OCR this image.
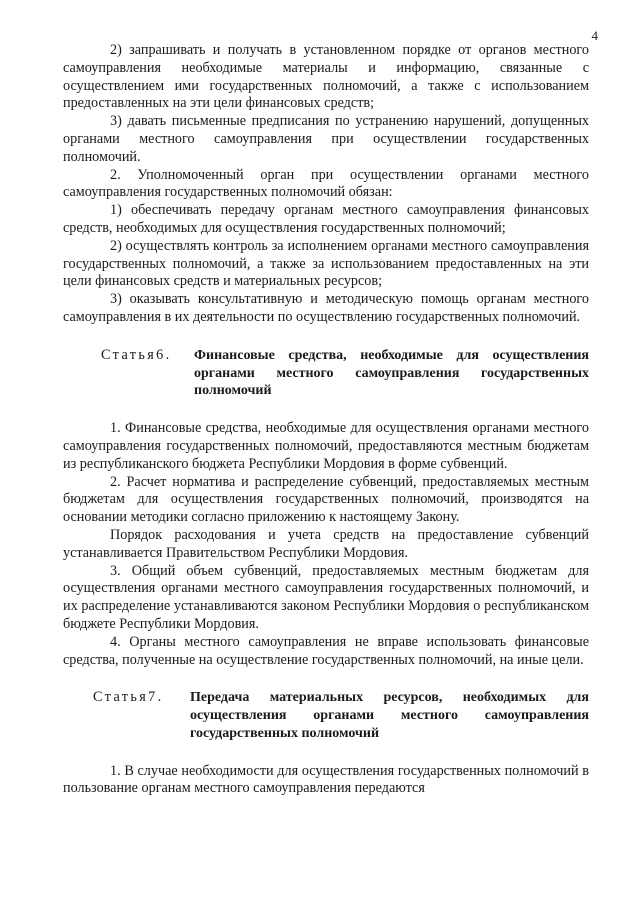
4

2) запрашивать и получать в установленном порядке от органов местного самоуправления необходимые материалы и информацию, связанные с осуществлением ими государственных полномочий, а также с использованием предоставленных на эти цели финансовых средств;

3) давать письменные предписания по устранению нарушений, допущенных органами местного самоуправления при осуществлении государственных полномочий.

2. Уполномоченный орган при осуществлении органами местного самоуправления государственных полномочий обязан:

1) обеспечивать передачу органам местного самоуправления финансовых средств, необходимых для осуществления государственных полномочий;

2) осуществлять контроль за исполнением органами местного самоуправления государственных полномочий, а также за использованием предоставленных на эти цели финансовых средств и материальных ресурсов;

3) оказывать консультативную и методическую помощь органам местного самоуправления в их деятельности по осуществлению государственных полномочий.

Статья6.	Финансовые средства, необходимые для осуществления органами местного самоуправления государственных полномочий

1. Финансовые средства, необходимые для осуществления органами местного самоуправления государственных полномочий, предоставляются местным бюджетам из республиканского бюджета Республики Мордовия в форме субвенций.

2. Расчет норматива и распределение субвенций, предоставляемых местным бюджетам для осуществления государственных полномочий, производятся на основании методики согласно приложению к настоящему Закону.

Порядок расходования и учета средств на предоставление субвенций устанавливается Правительством Республики Мордовия.

3. Общий объем субвенций, предоставляемых местным бюджетам для осуществления органами местного самоуправления государственных полномочий, и их распределение устанавливаются законом Республики Мордовия о республиканском бюджете Республики Мордовия.

4. Органы местного самоуправления не вправе использовать финансовые средства, полученные на осуществление государственных полномочий, на иные цели.

Статья7.	Передача материальных ресурсов, необходимых для осуществления органами местного самоуправления государственных полномочий

1. В случае необходимости для осуществления государственных полномочий в пользование органам местного самоуправления передаются
